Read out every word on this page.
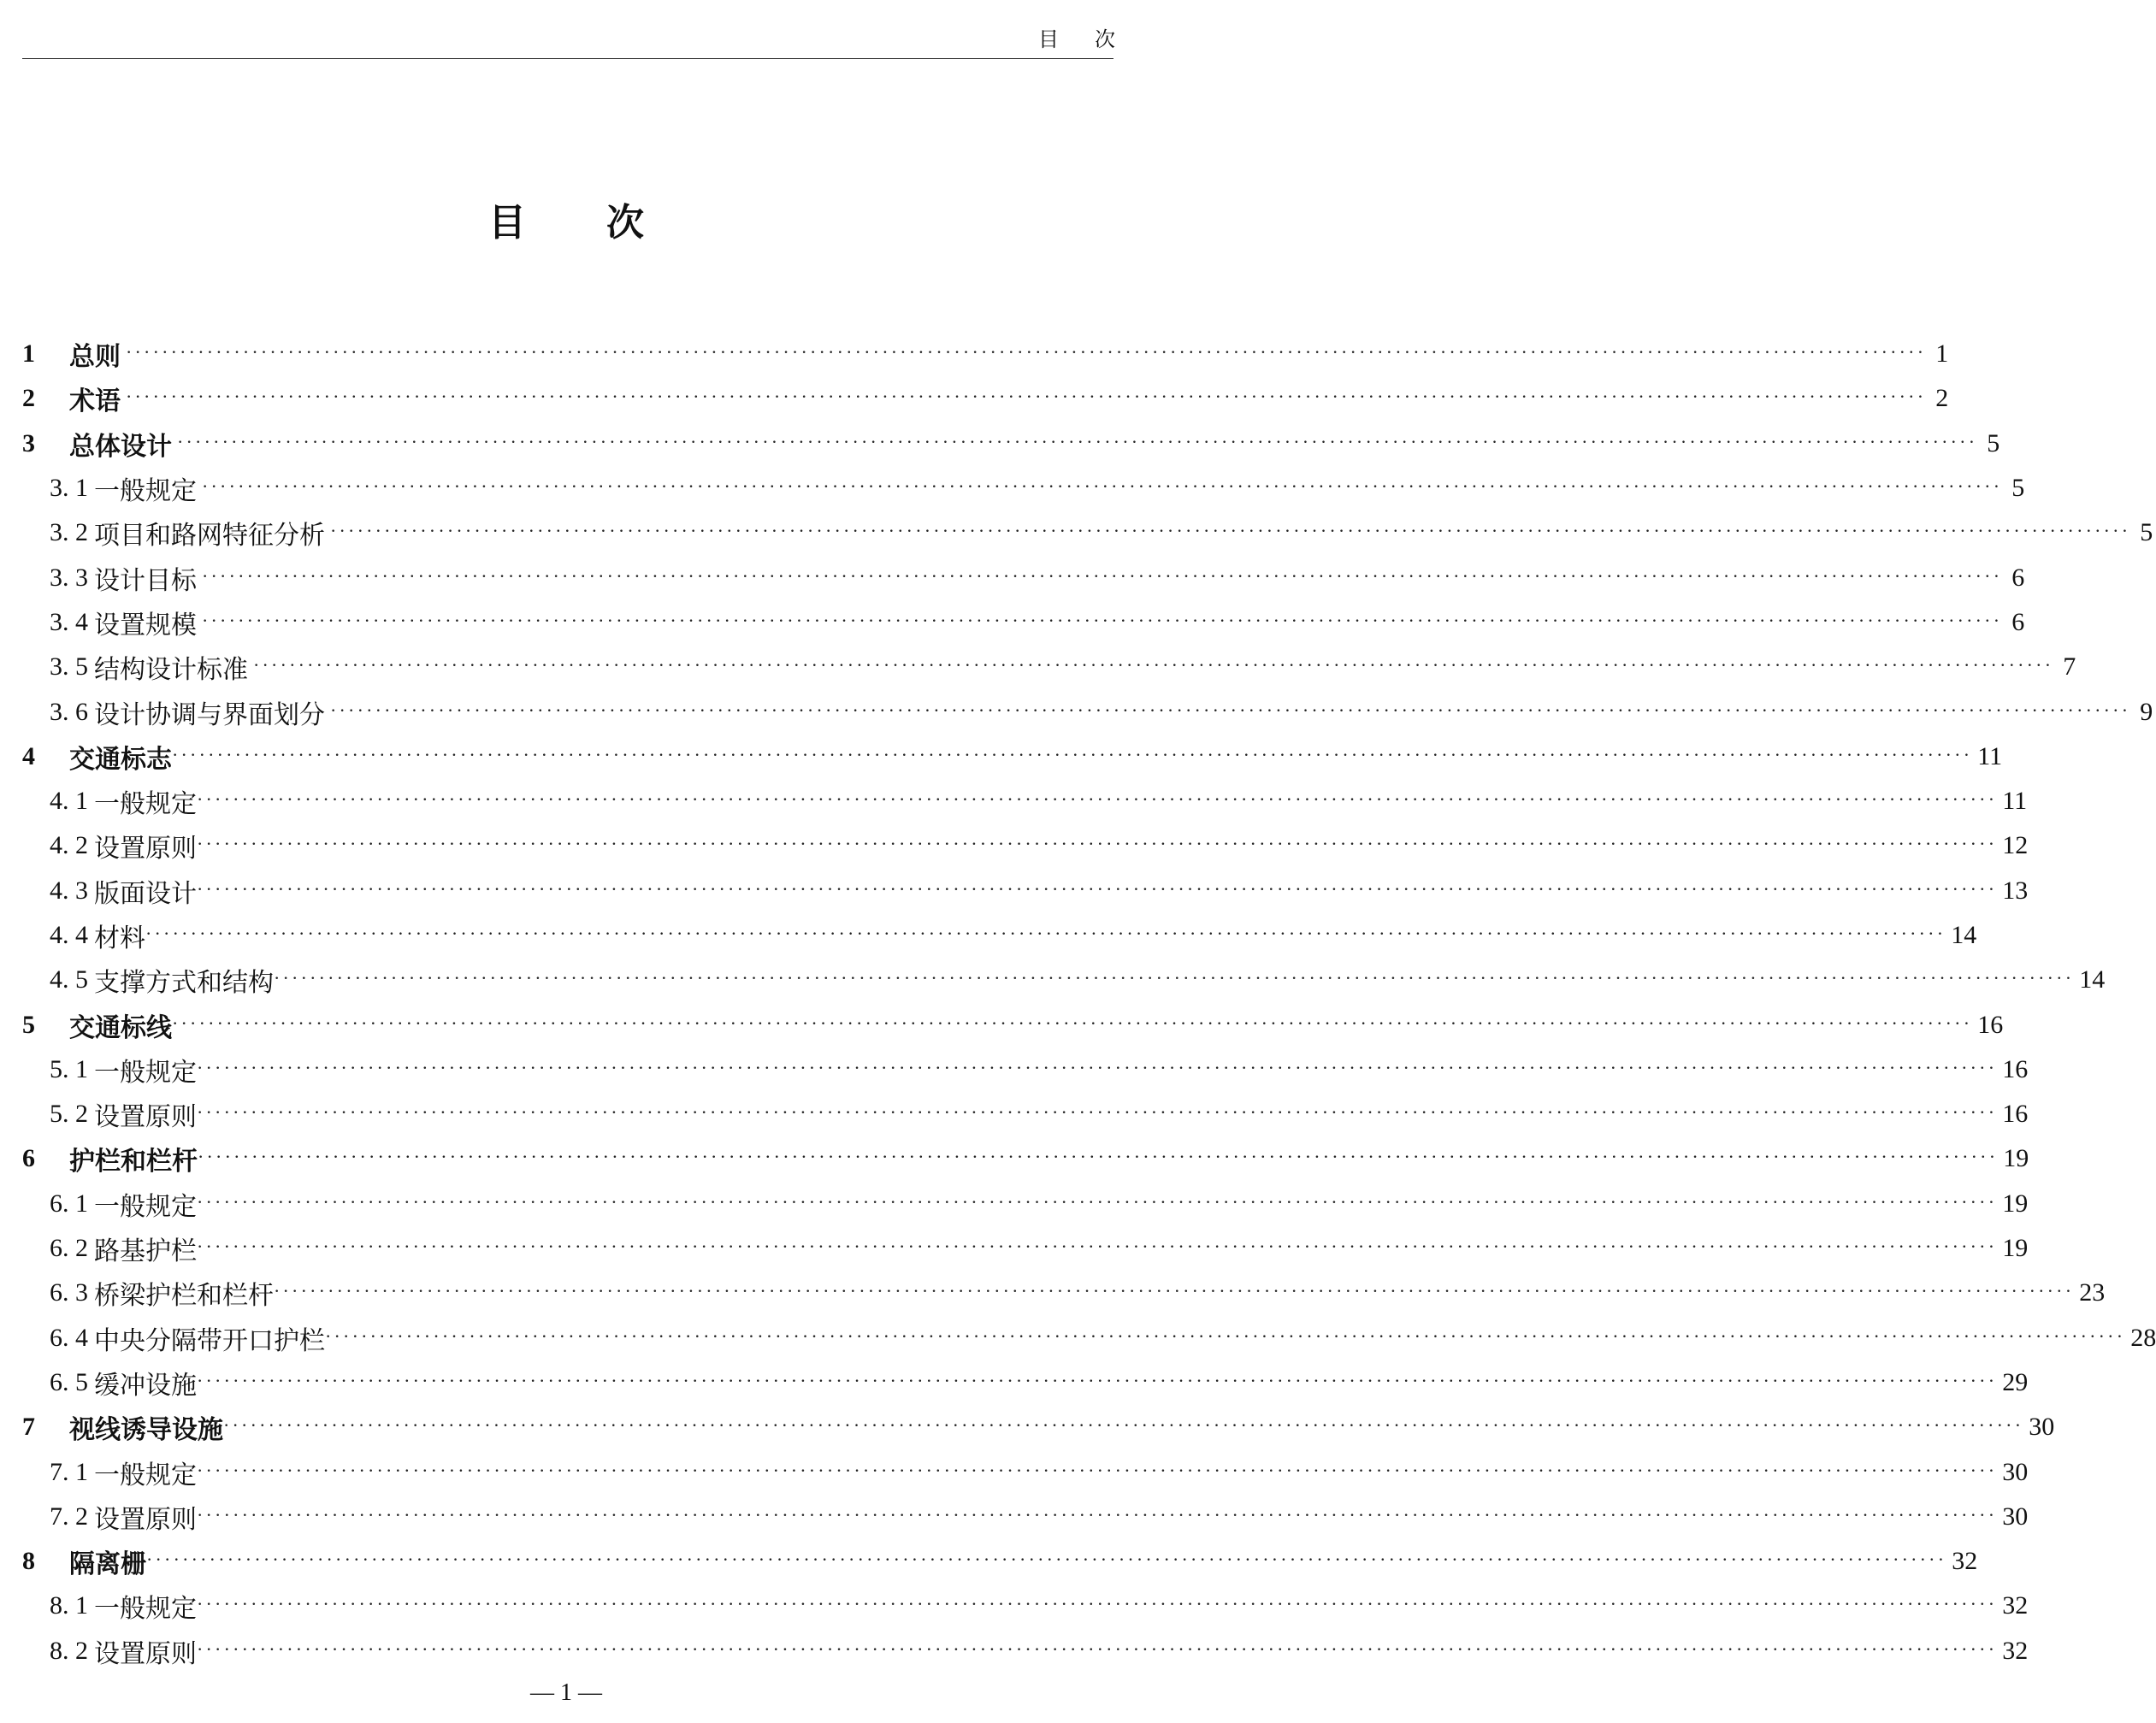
目 次
目 次
1	总则 ········································································································································································································ 1
2	术语 ········································································································································································································ 2
3	总体设计 ········································································································································································································ 5
3. 1 一般规定 ········································································································································································································ 5
3. 2 项目和路网特征分析 ········································································································································································································ 5
3. 3 设计目标 ········································································································································································································ 6
3. 4 设置规模 ········································································································································································································ 6
3. 5 结构设计标准 ········································································································································································································ 7
3. 6 设计协调与界面划分 ········································································································································································································ 9
4	交通标志 ········································································································································································································ 11
4. 1 一般规定 ········································································································································································································ 11
4. 2 设置原则 ········································································································································································································ 12
4. 3 版面设计 ········································································································································································································ 13
4. 4 材料 ········································································································································································································ 14
4. 5 支撑方式和结构 ········································································································································································································ 14
5	交通标线 ········································································································································································································ 16
5. 1 一般规定 ········································································································································································································ 16
5. 2 设置原则 ········································································································································································································ 16
6	护栏和栏杆 ········································································································································································································ 19
6. 1 一般规定 ········································································································································································································ 19
6. 2 路基护栏 ········································································································································································································ 19
6. 3 桥梁护栏和栏杆 ········································································································································································································ 23
6. 4 中央分隔带开口护栏 ········································································································································································································ 28
6. 5 缓冲设施 ········································································································································································································ 29
7	视线诱导设施 ········································································································································································································ 30
7. 1 一般规定 ········································································································································································································ 30
7. 2 设置原则 ········································································································································································································ 30
8	隔离栅 ········································································································································································································ 32
8. 1 一般规定 ········································································································································································································ 32
8. 2 设置原则 ········································································································································································································ 32
— 1 —
